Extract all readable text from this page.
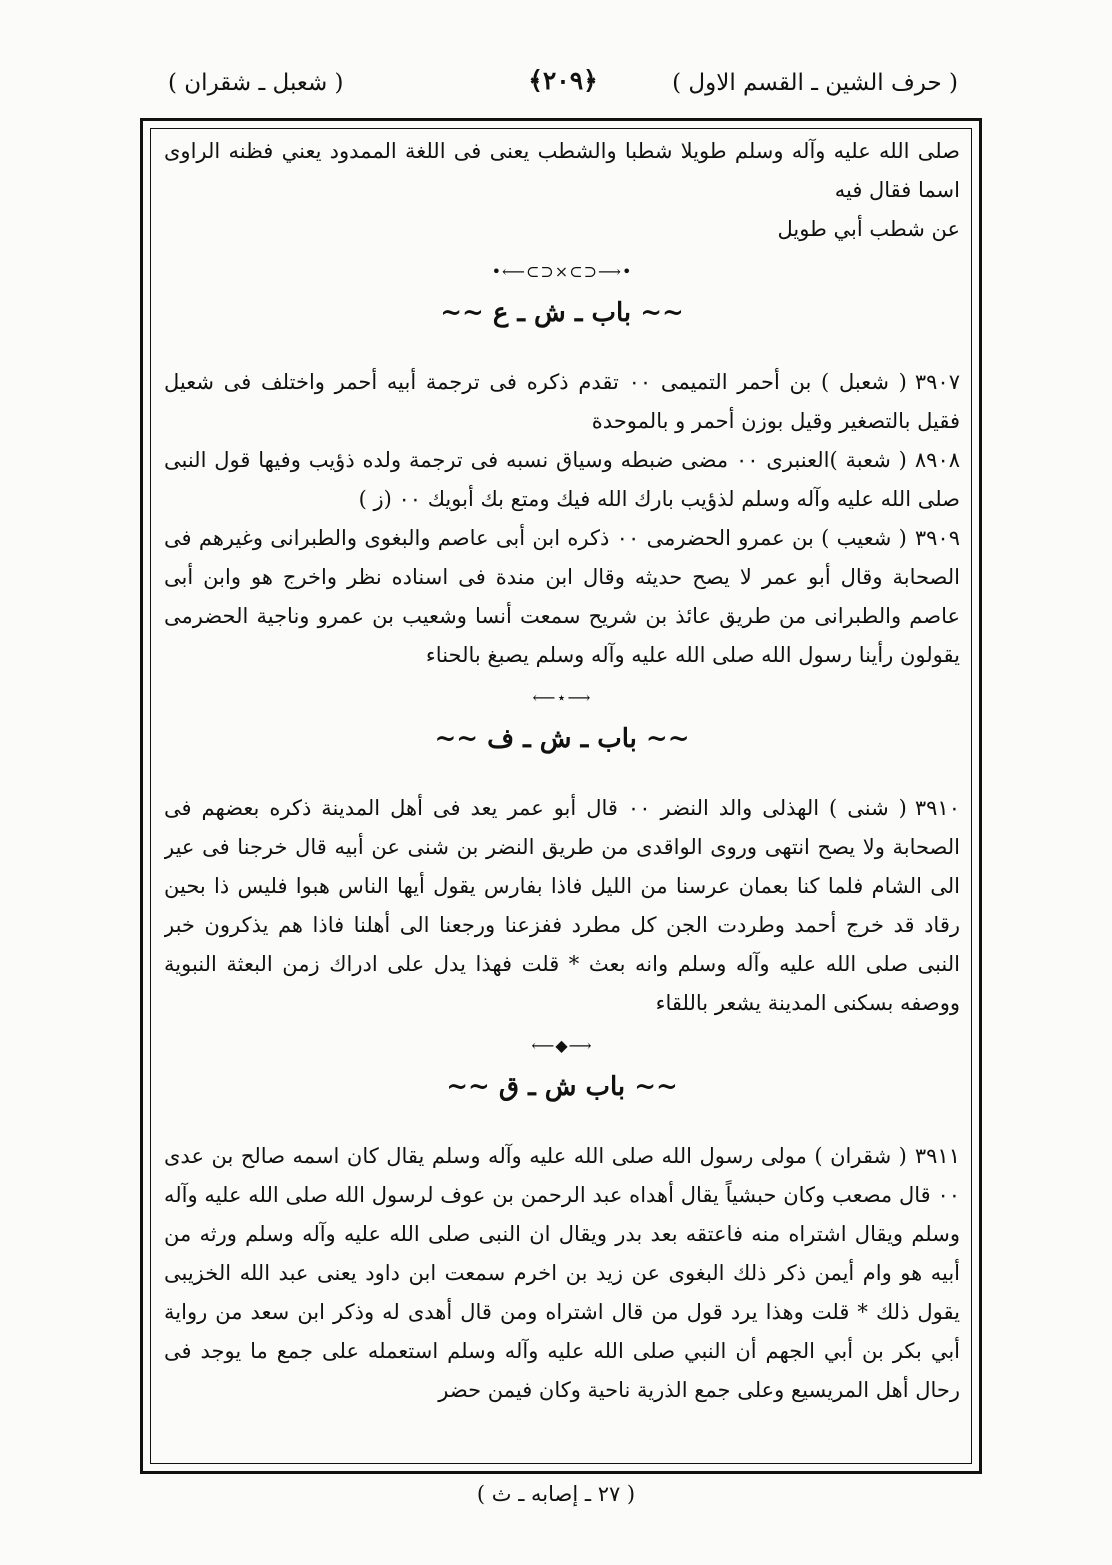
( حرف الشين ـ القسم الاول )
﴿٢٠٩﴾
( شعبل ـ شقران )

صلى الله عليه وآله وسلم طويلا شطبا والشطب يعنى فى اللغة الممدود يعني فظنه الراوى اسما فقال فيه

عن شطب أبي طويل

•⟶⊂⊃⨯⊂⊃⟵•
~~ باب ـ ش ـ ع ~~

٣٩٠٧( شعبل ) بن أحمر التميمى ٠٠ تقدم ذكره فى ترجمة أبيه أحمر واختلف فى شعيل فقيل بالتصغير وقيل بوزن أحمر و بالموحدة

٨٩٠٨( شعبة )العنبرى ٠٠ مضى ضبطه وسياق نسبه فى ترجمة ولده ذؤيب وفيها قول النبى صلى الله عليه وآله وسلم لذؤيب بارك الله فيك ومتع بك أبويك ٠٠ (ز )

٣٩٠٩( شعيب ) بن عمرو الحضرمى ٠٠ ذكره ابن أبى عاصم والبغوى والطبرانى وغيرهم فى الصحابة وقال أبو عمر لا يصح حديثه وقال ابن مندة فى اسناده نظر واخرج هو وابن أبى عاصم والطبرانى من طريق عائذ بن شريح سمعت أنسا وشعيب بن عمرو وناجية الحضرمى يقولون رأينا رسول الله صلى الله عليه وآله وسلم يصبغ بالحناء

⟶⋆⟵
~~ باب ـ ش ـ ف ~~

٣٩١٠( شنى ) الهذلى والد النضر ٠٠ قال أبو عمر يعد فى أهل المدينة ذكره بعضهم فى الصحابة ولا يصح انتهى وروى الواقدى من طريق النضر بن شنى عن أبيه قال خرجنا فى عير الى الشام فلما كنا بعمان عرسنا من الليل فاذا بفارس يقول أيها الناس هبوا فليس ذا بحين رقاد قد خرج أحمد وطردت الجن كل مطرد ففزعنا ورجعنا الى أهلنا فاذا هم يذكرون خبر النبى صلى الله عليه وآله وسلم وانه بعث * قلت فهذا يدل على ادراك زمن البعثة النبوية ووصفه بسكنى المدينة يشعر باللقاء

⟶◆⟵
~~ باب ش ـ ق ~~

٣٩١١( شقران ) مولى رسول الله صلى الله عليه وآله وسلم يقال كان اسمه صالح بن عدى ٠٠ قال مصعب وكان حبشياً يقال أهداه عبد الرحمن بن عوف لرسول الله صلى الله عليه وآله وسلم ويقال اشتراه منه فاعتقه بعد بدر ويقال ان النبى صلى الله عليه وآله وسلم ورثه من أبيه هو وام أيمن ذكر ذلك البغوى عن زيد بن اخرم سمعت ابن داود يعنى عبد الله الخزيبى يقول ذلك * قلت وهذا يرد قول من قال اشتراه ومن قال أهدى له وذكر ابن سعد من رواية أبي بكر بن أبي الجهم أن النبي صلى الله عليه وآله وسلم استعمله على جمع ما يوجد فى رحال أهل المريسيع وعلى جمع الذرية ناحية وكان فيمن حضر

( ٢٧ ـ إصابه ـ ث )
